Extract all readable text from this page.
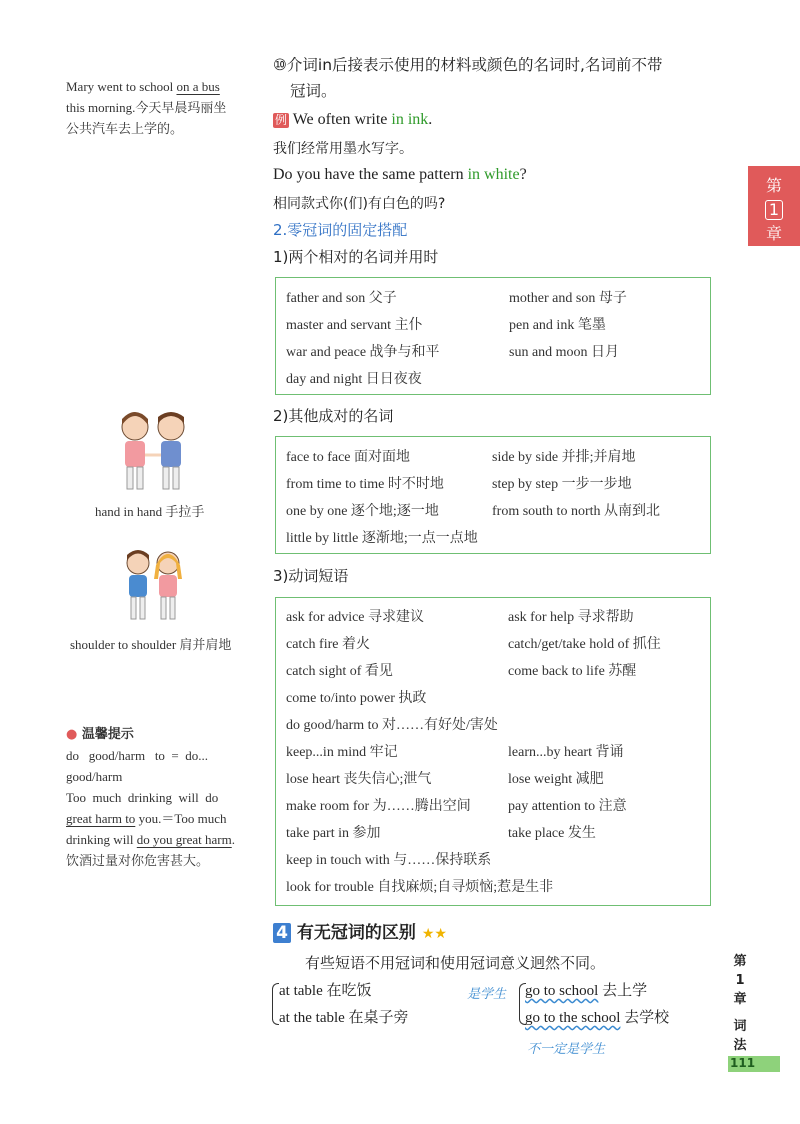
Mary went to school on a bus
this morning.今天早晨玛丽坐
公共汽车去上学的。
hand in hand 手拉手
shoulder to shoulder 肩并肩地
● 温馨提示
do   good/harm   to  =  do...
good/harm
Too  much  drinking  will  do
great harm to you.＝Too much
drinking will do you great harm.
饮酒过量对你危害甚大。
⑩介词in后接表示使用的材料或颜色的名词时,名词前不带
冠词。
例 We often write in ink.
我们经常用墨水写字。
Do you have the same pattern in white?
相同款式你(们)有白色的吗?
2.零冠词的固定搭配
1)两个相对的名词并用时
father and son 父子	mother and son 母子
master and servant 主仆	pen and ink 笔墨
war and peace 战争与和平	sun and moon 日月
day and night 日日夜夜
2)其他成对的名词
face to face 面对面地	side by side 并排;并肩地
from time to time 时不时地	step by step 一步一步地
one by one 逐个地;逐一地	from south to north 从南到北
little by little 逐渐地;一点一点地
3)动词短语
ask for advice 寻求建议	ask for help 寻求帮助
catch fire 着火	catch/get/take hold of 抓住
catch sight of 看见	come back to life 苏醒
come to/into power 执政
do good/harm to 对……有好处/害处
keep...in mind 牢记	learn...by heart 背诵
lose heart 丧失信心;泄气	lose weight 减肥
make room for 为……腾出空间	pay attention to 注意
take part in 参加	take place 发生
keep in touch with 与……保持联系
look for trouble 自找麻烦;自寻烦恼;惹是生非
4 有无冠词的区别 ★★
有些短语不用冠词和使用冠词意义迥然不同。
at table 在吃饭
at the table 在桌子旁
是学生 go to school 去上学
go to the school 去学校
不一定是学生
第
1
章
第
1
章
词
法
111
